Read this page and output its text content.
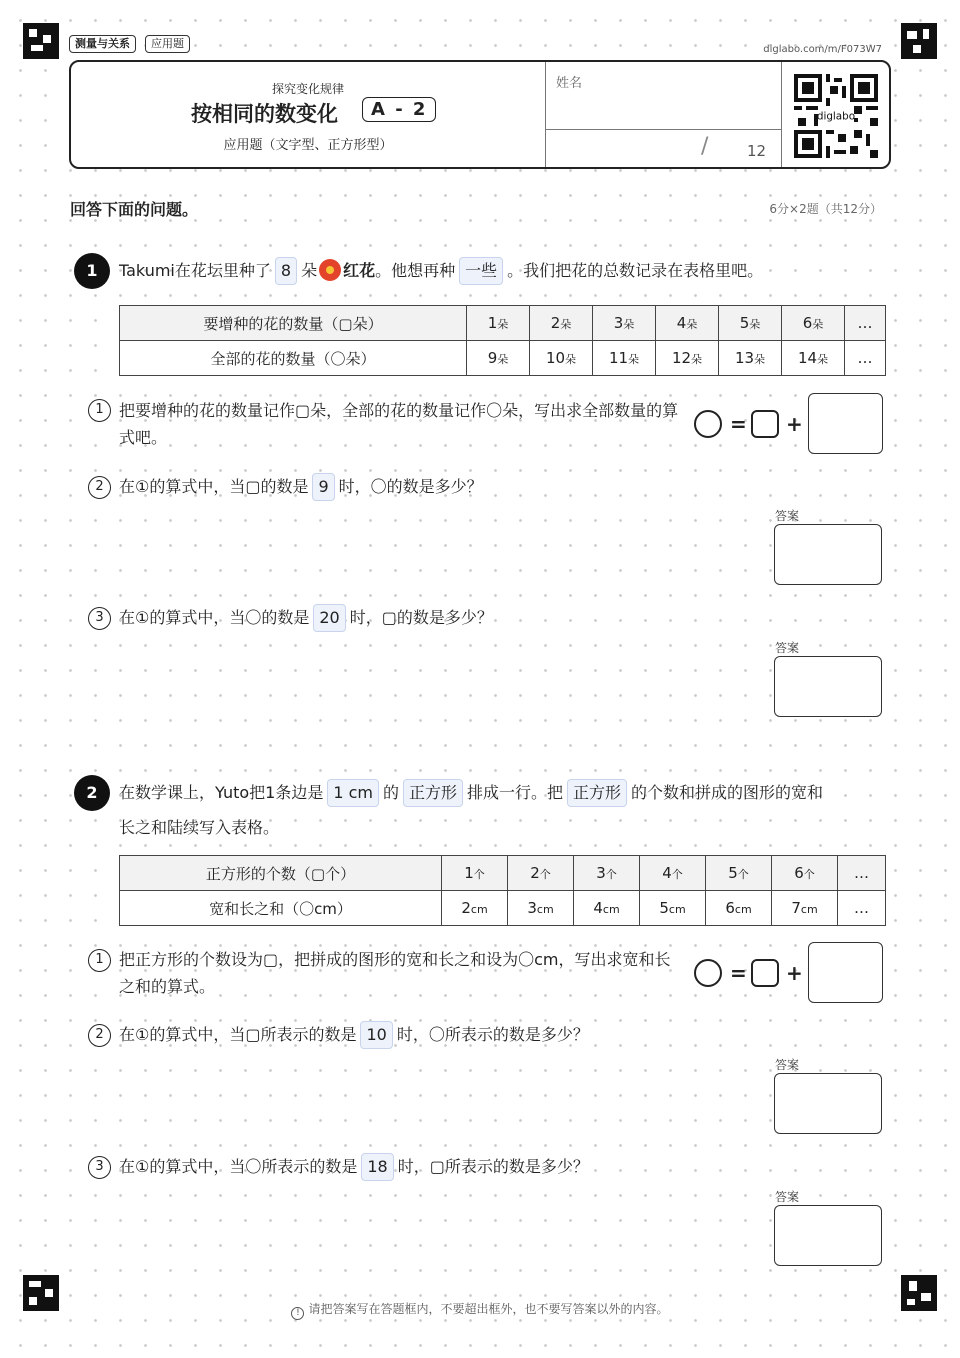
测量与关系	应用题	diglabo.com/m/F073W7
探究变化规律
按相同的数变化	A - 2
应用题（文字型、正方形型）
姓名
/	12
diglabo
回答下面的问题。	6分×2题（共12分）
1	Takumi在花坛里种了 8 朵 红花。他想再种 一些 。我们把花的总数记录在表格里吧。
要增种的花的数量（▢朵）	1朵	2朵	3朵	4朵	5朵	6朵	…
全部的花的数量（〇朵）	9朵	10朵	11朵	12朵	13朵	14朵	…
1 把要增种的花的数量记作▢朵，全部的花的数量记作〇朵，写出求全部数量的算式吧。
= +
2 在①的算式中，当▢的数是 9 时，〇的数是多少？
答案
3 在①的算式中，当〇的数是 20 时，▢的数是多少？
答案
2	在数学课上，Yuto把1条边是 1 cm 的 正方形 排成一行。把 正方形 的个数和拼成的图形的宽和
长之和陆续写入表格。
正方形的个数（▢个）	1个	2个	3个	4个	5个	6个	…
宽和长之和（〇cm）	2cm	3cm	4cm	5cm	6cm	7cm	…
1 把正方形的个数设为▢，把拼成的图形的宽和长之和设为〇cm，写出求宽和长之和的算式。
= +
2 在①的算式中，当▢所表示的数是 10 时，〇所表示的数是多少？
答案
3 在①的算式中，当〇所表示的数是 18 时，▢所表示的数是多少？
答案
! 请把答案写在答题框内，不要超出框外，也不要写答案以外的内容。
